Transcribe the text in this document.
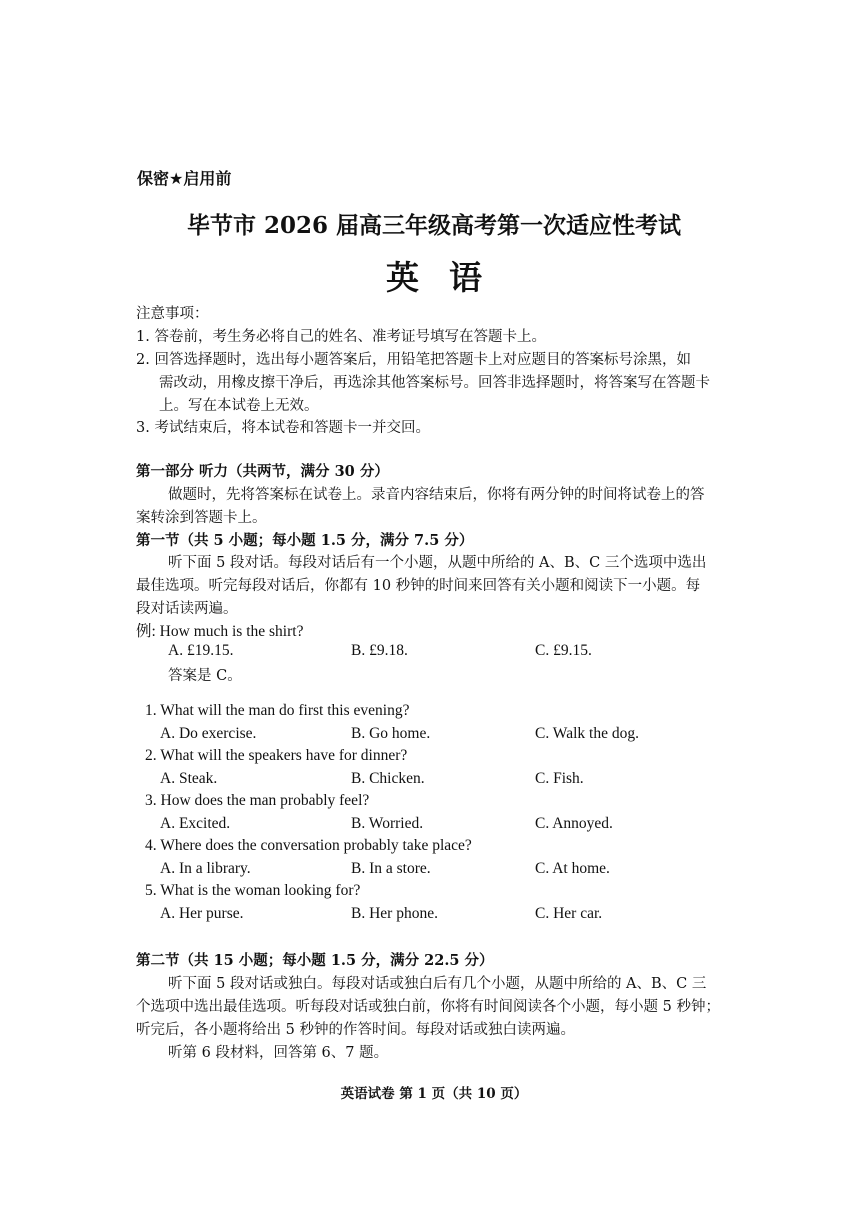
保密★启用前
毕节市 2026 届高三年级高考第一次适应性考试
英语
注意事项：
1. 答卷前，考生务必将自己的姓名、准考证号填写在答题卡上。
2. 回答选择题时，选出每小题答案后，用铅笔把答题卡上对应题目的答案标号涂黑，如
需改动，用橡皮擦干净后，再选涂其他答案标号。回答非选择题时，将答案写在答题卡
上。写在本试卷上无效。
3. 考试结束后，将本试卷和答题卡一并交回。
第一部分 听力（共两节，满分 30 分）
做题时，先将答案标在试卷上。录音内容结束后，你将有两分钟的时间将试卷上的答
案转涂到答题卡上。
第一节（共 5 小题；每小题 1.5 分，满分 7.5 分）
听下面 5 段对话。每段对话后有一个小题，从题中所给的 A、B、C 三个选项中选出
最佳选项。听完每段对话后，你都有 10 秒钟的时间来回答有关小题和阅读下一小题。每
段对话读两遍。
例: How much is the shirt?
A. £19.15.	B. £9.18.	C. £9.15.
答案是 C。
1. What will the man do first this evening?
A. Do exercise.	B. Go home.	C. Walk the dog.
2. What will the speakers have for dinner?
A. Steak.	B. Chicken.	C. Fish.
3. How does the man probably feel?
A. Excited.	B. Worried.	C. Annoyed.
4. Where does the conversation probably take place?
A. In a library.	B. In a store.	C. At home.
5. What is the woman looking for?
A. Her purse.	B. Her phone.	C. Her car.
第二节（共 15 小题；每小题 1.5 分，满分 22.5 分）
听下面 5 段对话或独白。每段对话或独白后有几个小题，从题中所给的 A、B、C 三
个选项中选出最佳选项。听每段对话或独白前，你将有时间阅读各个小题，每小题 5 秒钟；
听完后，各小题将给出 5 秒钟的作答时间。每段对话或独白读两遍。
听第 6 段材料，回答第 6、7 题。
英语试卷 第 1 页（共 10 页）
